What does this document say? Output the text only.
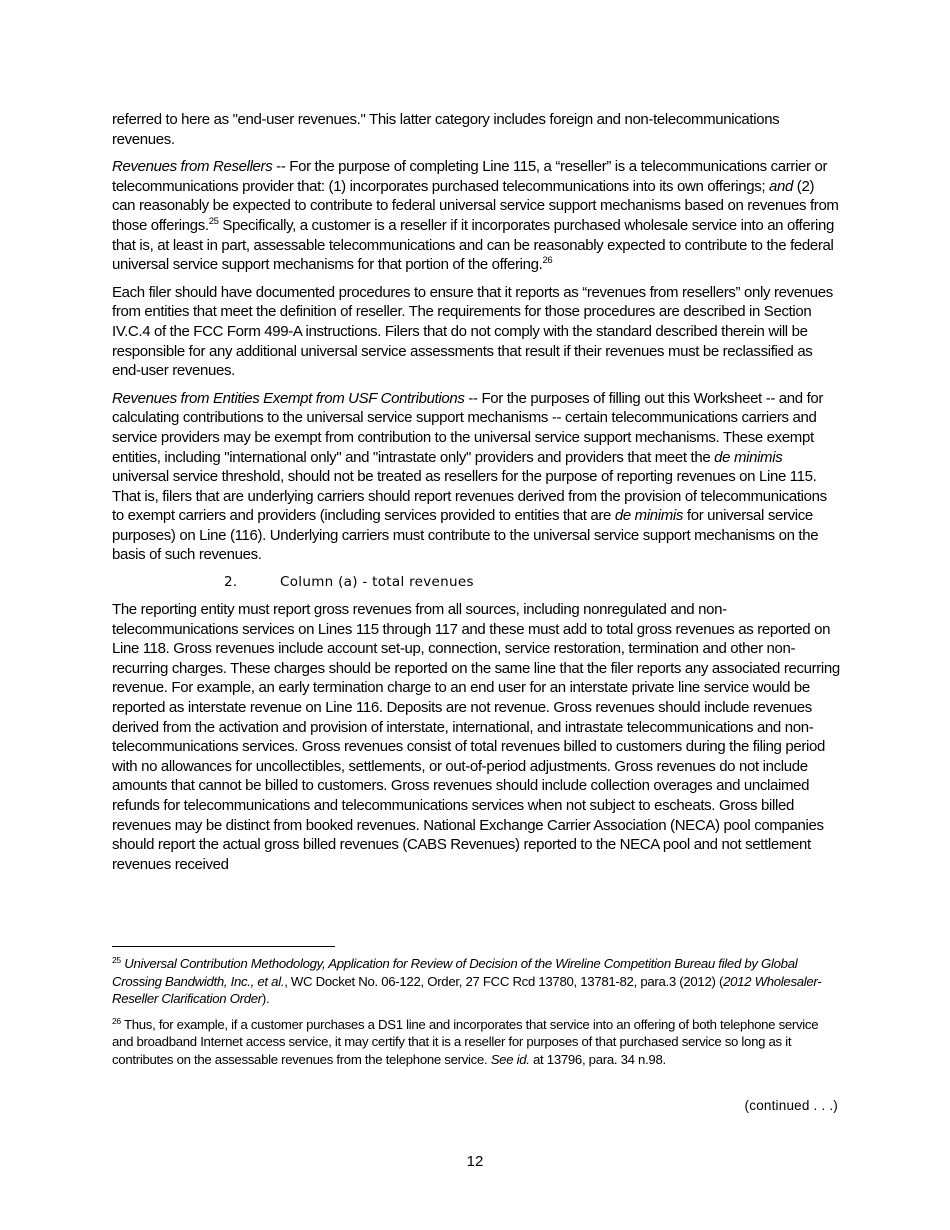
referred to here as "end-user revenues." This latter category includes foreign and non-telecommunications revenues.

Revenues from Resellers -- For the purpose of completing Line 115, a “reseller” is a telecommunications carrier or telecommunications provider that: (1) incorporates purchased telecommunications into its own offerings; and (2) can reasonably be expected to contribute to federal universal service support mechanisms based on revenues from those offerings.$^{25}$ Specifically, a customer is a reseller if it incorporates purchased wholesale service into an offering that is, at least in part, assessable telecommunications and can be reasonably expected to contribute to the federal universal service support mechanisms for that portion of the offering.$^{26}$

Each filer should have documented procedures to ensure that it reports as “revenues from resellers” only revenues from entities that meet the definition of reseller. The requirements for those procedures are described in Section IV.C.4 of the FCC Form 499-A instructions. Filers that do not comply with the standard described therein will be responsible for any additional universal service assessments that result if their revenues must be reclassified as end-user revenues.

Revenues from Entities Exempt from USF Contributions -- For the purposes of filling out this Worksheet -- and for calculating contributions to the universal service support mechanisms -- certain telecommunications carriers and service providers may be exempt from contribution to the universal service support mechanisms. These exempt entities, including "international only" and "intrastate only" providers and providers that meet the de minimis universal service threshold, should not be treated as resellers for the purpose of reporting revenues on Line 115. That is, filers that are underlying carriers should report revenues derived from the provision of telecommunications to exempt carriers and providers (including services provided to entities that are de minimis for universal service purposes) on Line (116). Underlying carriers must contribute to the universal service support mechanisms on the basis of such revenues.

2.	Column (a) - total revenues

The reporting entity must report gross revenues from all sources, including nonregulated and non-telecommunications services on Lines 115 through 117 and these must add to total gross revenues as reported on Line 118. Gross revenues include account set-up, connection, service restoration, termination and other non-recurring charges. These charges should be reported on the same line that the filer reports any associated recurring revenue. For example, an early termination charge to an end user for an interstate private line service would be reported as interstate revenue on Line 116. Deposits are not revenue. Gross revenues should include revenues derived from the activation and provision of interstate, international, and intrastate telecommunications and non-telecommunications services. Gross revenues consist of total revenues billed to customers during the filing period with no allowances for uncollectibles, settlements, or out-of-period adjustments. Gross revenues do not include amounts that cannot be billed to customers. Gross revenues should include collection overages and unclaimed refunds for telecommunications and telecommunications services when not subject to escheats. Gross billed revenues may be distinct from booked revenues. National Exchange Carrier Association (NECA) pool companies should report the actual gross billed revenues (CABS Revenues) reported to the NECA pool and not settlement revenues received

$^{25}$ Universal Contribution Methodology, Application for Review of Decision of the Wireline Competition Bureau filed by Global Crossing Bandwidth, Inc., et al., WC Docket No. 06-122, Order, 27 FCC Rcd 13780, 13781-82, para.3 (2012) (2012 Wholesaler-Reseller Clarification Order).

$^{26}$ Thus, for example, if a customer purchases a DS1 line and incorporates that service into an offering of both telephone service and broadband Internet access service, it may certify that it is a reseller for purposes of that purchased service so long as it contributes on the assessable revenues from the telephone service. See id. at 13796, para. 34 n.98.

(continued . . .)
12
